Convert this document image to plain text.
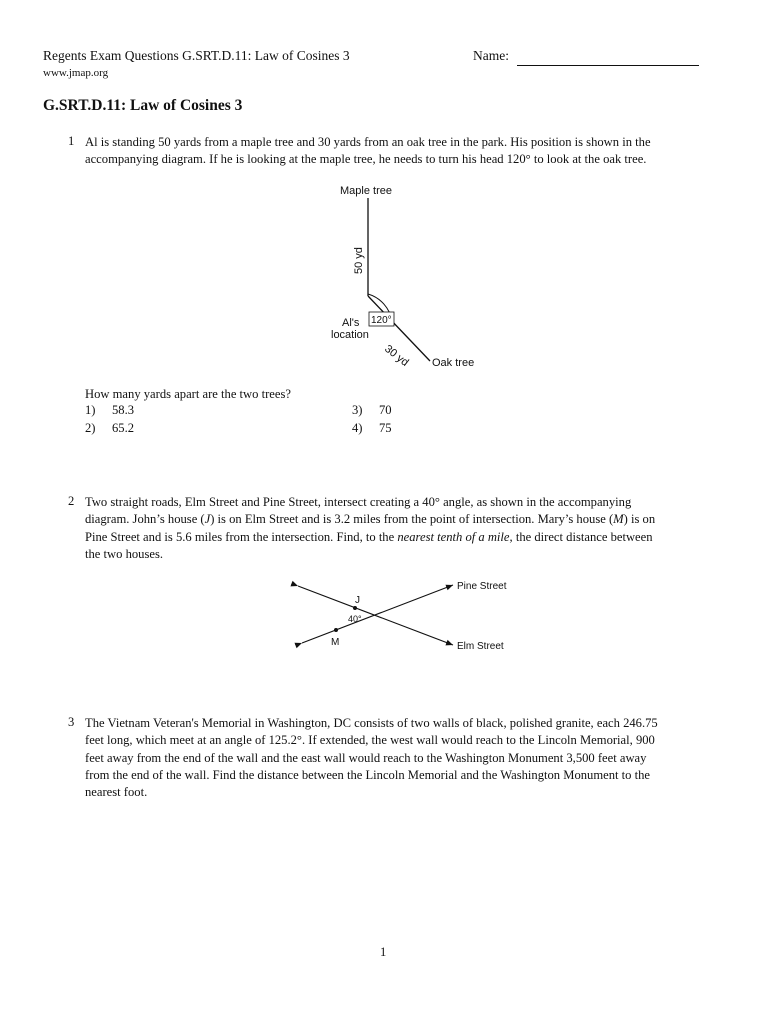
Regents Exam Questions G.SRT.D.11: Law of Cosines 3
www.jmap.org
Name:
G.SRT.D.11: Law of Cosines 3
1 Al is standing 50 yards from a maple tree and 30 yards from an oak tree in the park. His position is shown in the
accompanying diagram. If he is looking at the maple tree, he needs to turn his head 120° to look at the oak tree.
Maple tree
50 yd
120°
Al's
location
30 yd Oak tree
How many yards apart are the two trees?
1) 58.3
2) 65.2
3) 70
4) 75
2 Two straight roads, Elm Street and Pine Street, intersect creating a 40° angle, as shown in the accompanying
diagram. John’s house (J) is on Elm Street and is 3.2 miles from the point of intersection. Mary’s house (M) is on
Pine Street and is 5.6 miles from the intersection. Find, to the nearest tenth of a mile, the direct distance between
the two houses.
Pine Street
Elm Street
J
M
40°
3 The Vietnam Veteran's Memorial in Washington, DC consists of two walls of black, polished granite, each 246.75
feet long, which meet at an angle of 125.2°. If extended, the west wall would reach to the Lincoln Memorial, 900
feet away from the end of the wall and the east wall would reach to the Washington Monument 3,500 feet away
from the end of the wall. Find the distance between the Lincoln Memorial and the Washington Monument to the
nearest foot.
1
